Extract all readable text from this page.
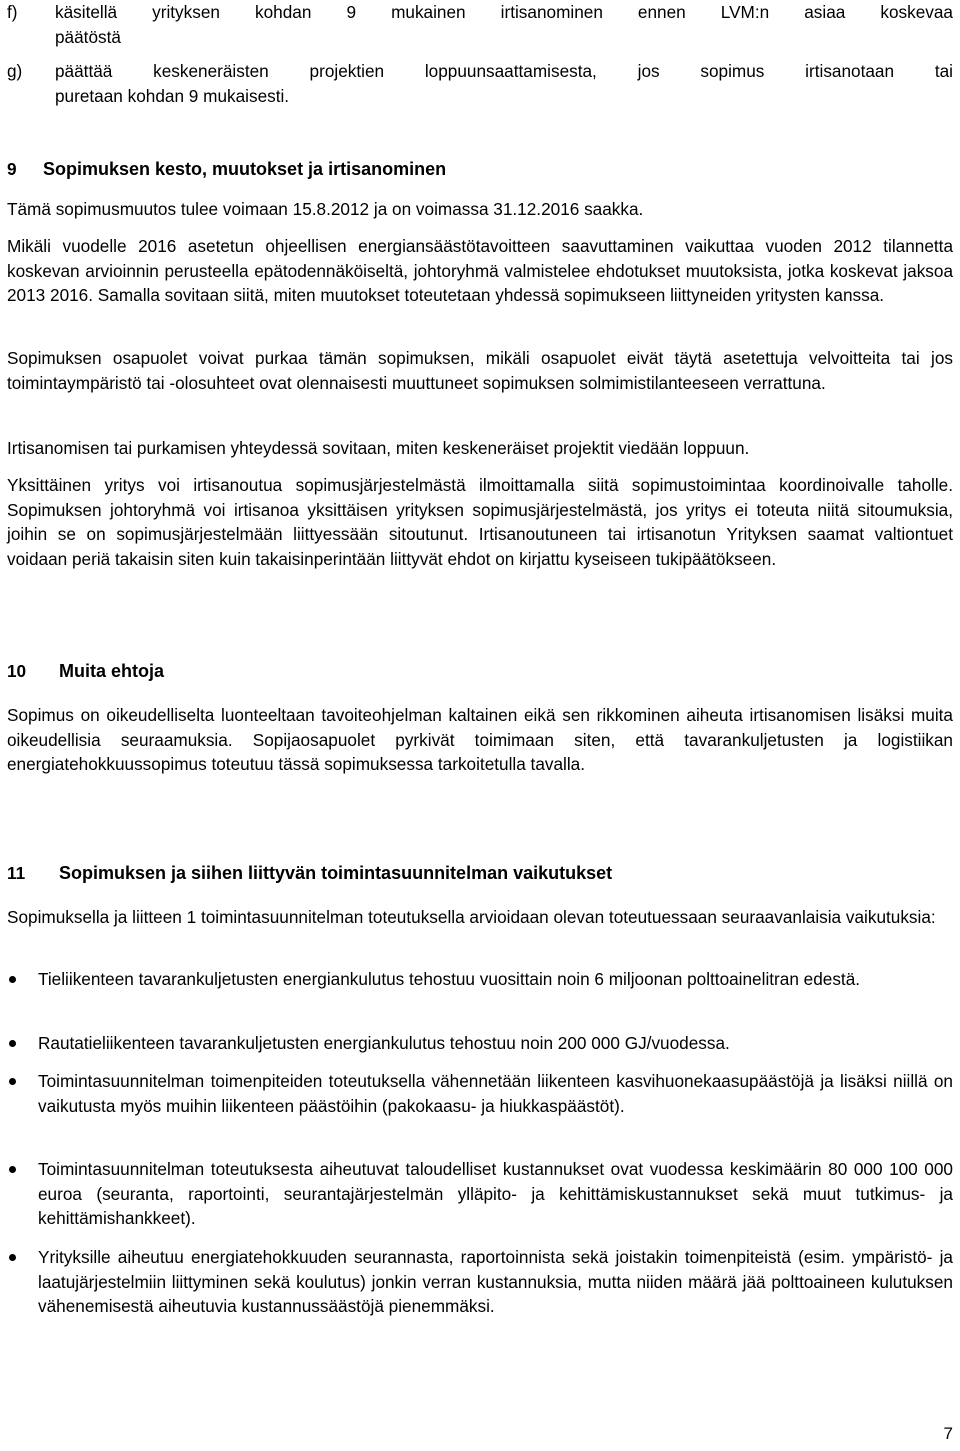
f)	käsitellä yrityksen kohdan 9 mukainen irtisanominen ennen LVM:n asiaa koskevaa
päätöstä
g)	päättää keskeneräisten projektien loppuunsaattamisesta, jos sopimus irtisanotaan tai
puretaan kohdan 9 mukaisesti.
9	Sopimuksen kesto, muutokset ja irtisanominen

Tämä sopimusmuutos tulee voimaan 15.8.2012 ja on voimassa 31.12.2016 saakka.

Mikäli vuodelle 2016 asetetun ohjeellisen energiansäästötavoitteen saavuttaminen vaikuttaa vuoden 2012 tilannetta koskevan arvioinnin perusteella epätodennäköiseltä, johtoryhmä valmistelee ehdotukset muutoksista, jotka koskevat jaksoa 2013 2016. Samalla sovitaan siitä, miten muutokset toteutetaan yhdessä sopimukseen liittyneiden yritysten kanssa.

Sopimuksen osapuolet voivat purkaa tämän sopimuksen, mikäli osapuolet eivät täytä asetettuja velvoitteita tai jos toimintaympäristö tai -olosuhteet ovat olennaisesti muuttuneet sopimuksen solmimistilanteeseen verrattuna.

Irtisanomisen tai purkamisen yhteydessä sovitaan, miten keskeneräiset projektit viedään loppuun.

Yksittäinen yritys voi irtisanoutua sopimusjärjestelmästä ilmoittamalla siitä sopimustoimintaa koordinoivalle taholle. Sopimuksen johtoryhmä voi irtisanoa yksittäisen yrityksen sopimusjärjestelmästä, jos yritys ei toteuta niitä sitoumuksia, joihin se on sopimusjärjestelmään liittyessään sitoutunut. Irtisanoutuneen tai irtisanotun Yrityksen saamat valtiontuet voidaan periä takaisin siten kuin takaisinperintään liittyvät ehdot on kirjattu kyseiseen tukipäätökseen.

10	Muita ehtoja

Sopimus on oikeudelliselta luonteeltaan tavoiteohjelman kaltainen eikä sen rikkominen aiheuta irtisanomisen lisäksi muita oikeudellisia seuraamuksia. Sopijaosapuolet pyrkivät toimimaan siten, että tavarankuljetusten ja logistiikan energiatehokkuussopimus toteutuu tässä sopimuksessa tarkoitetulla tavalla.

11	Sopimuksen ja siihen liittyvän toimintasuunnitelman vaikutukset

Sopimuksella ja liitteen 1 toimintasuunnitelman toteutuksella arvioidaan olevan toteutuessaan seuraavanlaisia vaikutuksia:

Tieliikenteen tavarankuljetusten energiankulutus tehostuu vuosittain noin 6 miljoonan polttoainelitran edestä.
Rautatieliikenteen tavarankuljetusten energiankulutus tehostuu noin 200 000 GJ/vuodessa.
Toimintasuunnitelman toimenpiteiden toteutuksella vähennetään liikenteen kasvihuonekaasupäästöjä ja lisäksi niillä on vaikutusta myös muihin liikenteen päästöihin (pakokaasu- ja hiukkaspäästöt).
Toimintasuunnitelman toteutuksesta aiheutuvat taloudelliset kustannukset ovat vuodessa keskimäärin 80 000 100 000 euroa (seuranta, raportointi, seurantajärjestelmän ylläpito- ja kehittämiskustannukset sekä muut tutkimus- ja kehittämishankkeet).
Yrityksille aiheutuu energiatehokkuuden seurannasta, raportoinnista sekä joistakin toimenpiteistä (esim. ympäristö- ja laatujärjestelmiin liittyminen sekä koulutus) jonkin verran kustannuksia, mutta niiden määrä jää polttoaineen kulutuksen vähenemisestä aiheutuvia kustannussäästöjä pienemmäksi.
7
